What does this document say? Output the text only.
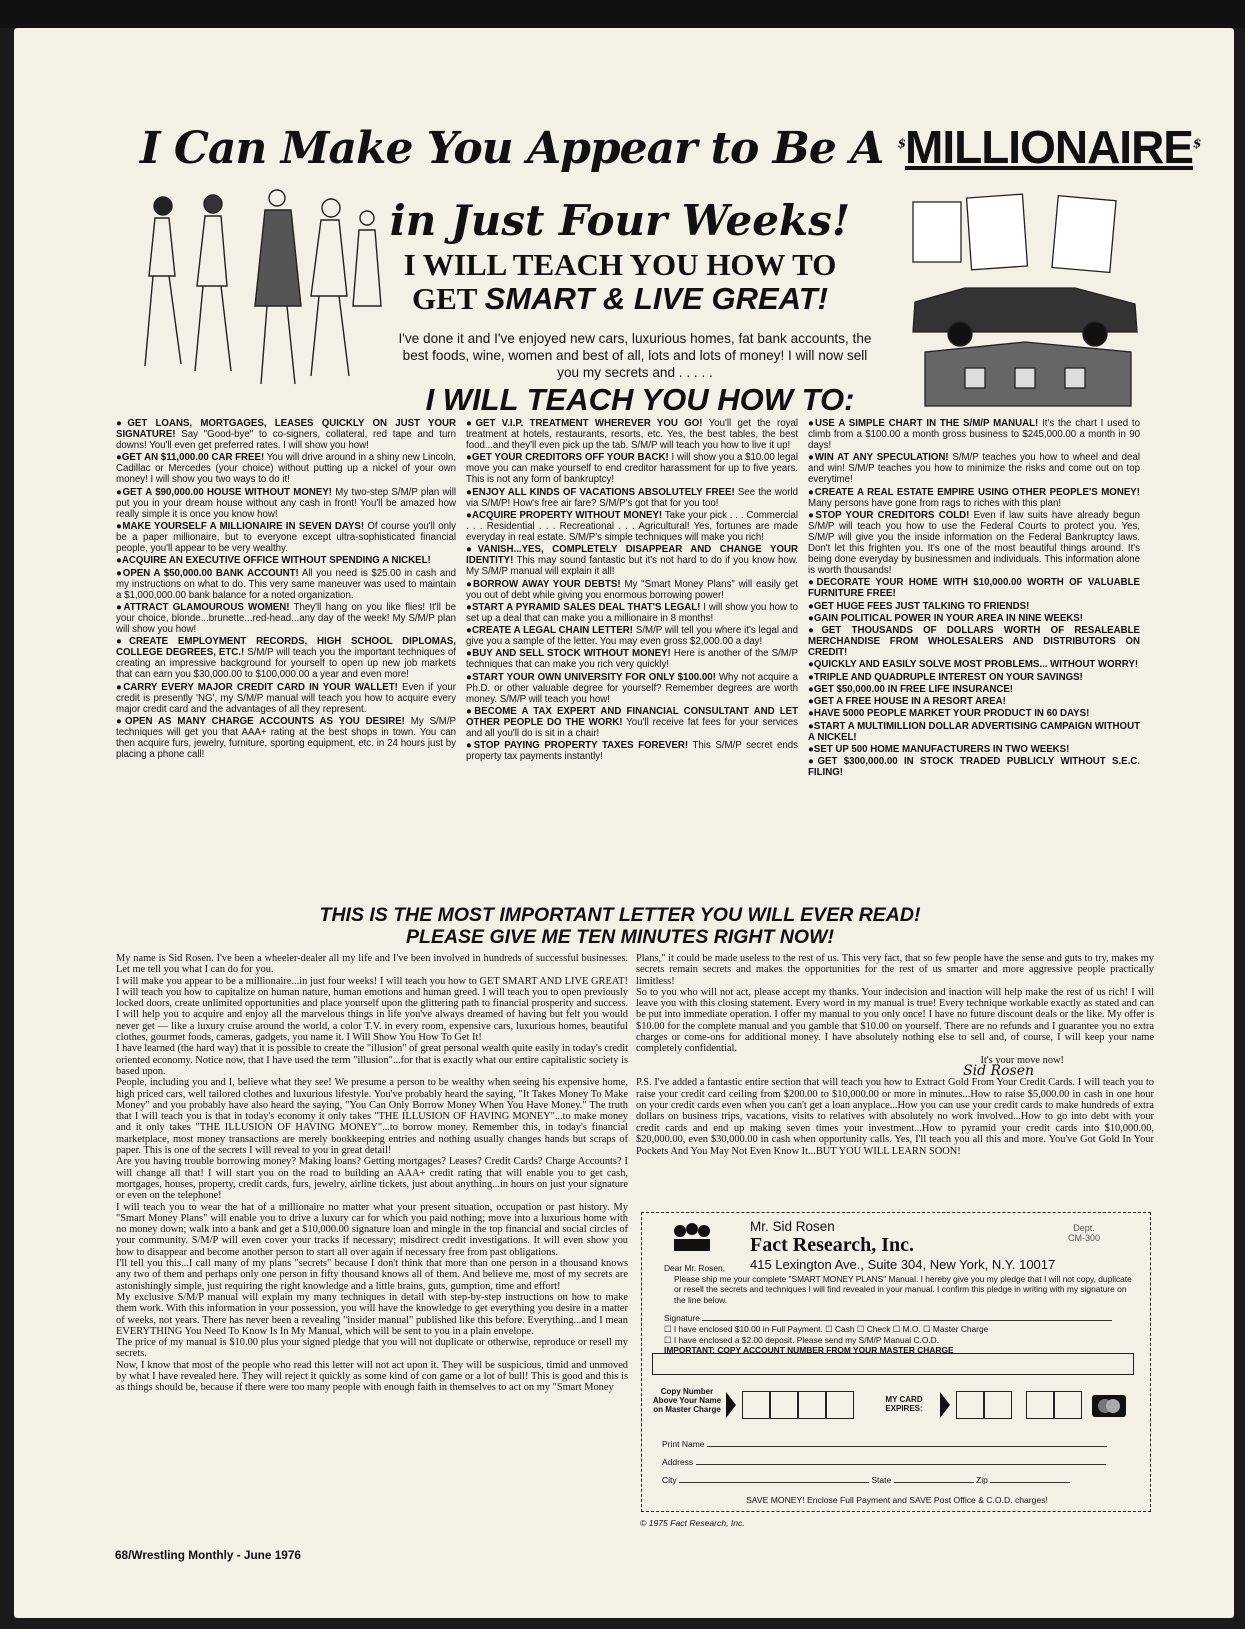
I Can Make You Appear to Be A $MILLIONAIRE$
in Just Four Weeks!
I WILL TEACH YOU HOW TO
GET SMART & LIVE GREAT!
I've done it and I've enjoyed new cars, luxurious homes, fat bank accounts, the best foods, wine, women and best of all, lots and lots of money! I will now sell you my secrets and . . . . .
I WILL TEACH YOU HOW TO:
●GET LOANS, MORTGAGES, LEASES QUICKLY ON JUST YOUR SIGNATURE! Say "Good-bye" to co-signers, collateral, red tape and turn downs! You'll even get preferred rates. I will show you how!
●GET AN $11,000.00 CAR FREE! You will drive around in a shiny new Lincoln, Cadillac or Mercedes (your choice) without putting up a nickel of your own money! I will show you two ways to do it!
●GET A $90,000.00 HOUSE WITHOUT MONEY! My two-step S/M/P plan will put you in your dream house without any cash in front! You'll be amazed how really simple it is once you know how!
●MAKE YOURSELF A MILLIONAIRE IN SEVEN DAYS! Of course you'll only be a paper millionaire, but to everyone except ultra-sophisticated financial people, you'll appear to be very wealthy.
●ACQUIRE AN EXECUTIVE OFFICE WITHOUT SPENDING A NICKEL!
●OPEN A $50,000.00 BANK ACCOUNT! All you need is $25.00 in cash and my instructions on what to do. This very same maneuver was used to maintain a $1,000,000.00 bank balance for a noted organization.
●ATTRACT GLAMOUROUS WOMEN! They'll hang on you like flies! It'll be your choice, blonde...brunette...red-head...any day of the week! My S/M/P plan will show you how!
●CREATE EMPLOYMENT RECORDS, HIGH SCHOOL DIPLOMAS, COLLEGE DEGREES, ETC.! S/M/P will teach you the important techniques of creating an impressive background for yourself to open up new job markets that can earn you $30,000.00 to $100,000.00 a year and even more!
●CARRY EVERY MAJOR CREDIT CARD IN YOUR WALLET! Even if your credit is presently 'NG', my S/M/P manual will teach you how to acquire every major credit card and the advantages of all they represent.
●OPEN AS MANY CHARGE ACCOUNTS AS YOU DESIRE! My S/M/P techniques will get you that AAA+ rating at the best shops in town. You can then acquire furs, jewelry, furniture, sporting equipment, etc. in 24 hours just by placing a phone call!
●GET V.I.P. TREATMENT WHEREVER YOU GO! You'll get the royal treatment at hotels, restaurants, resorts, etc. Yes, the best tables, the best food...and they'll even pick up the tab. S/M/P will teach you how to live it up!
●GET YOUR CREDITORS OFF YOUR BACK! I will show you a $10.00 legal move you can make yourself to end creditor harassment for up to five years. This is not any form of bankruptcy!
●ENJOY ALL KINDS OF VACATIONS ABSOLUTELY FREE! See the world via S/M/P! How's free air fare? S/M/P's got that for you too!
●ACQUIRE PROPERTY WITHOUT MONEY! Take your pick . . . Commercial . . . Residential . . . Recreational . . . Agricultural! Yes, fortunes are made everyday in real estate. S/M/P's simple techniques will make you rich!
●VANISH...YES, COMPLETELY DISAPPEAR AND CHANGE YOUR IDENTITY! This may sound fantastic but it's not hard to do if you know how. My S/M/P manual will explain it all!
●BORROW AWAY YOUR DEBTS! My "Smart Money Plans" will easily get you out of debt while giving you enormous borrowing power!
●START A PYRAMID SALES DEAL THAT'S LEGAL! I will show you how to set up a deal that can make you a millionaire in 8 months!
●CREATE A LEGAL CHAIN LETTER! S/M/P will tell you where it's legal and give you a sample of the letter. You may even gross $2,000.00 a day!
●BUY AND SELL STOCK WITHOUT MONEY! Here is another of the S/M/P techniques that can make you rich very quickly!
●START YOUR OWN UNIVERSITY FOR ONLY $100.00! Why not acquire a Ph.D. or other valuable degree for yourself? Remember degrees are worth money. S/M/P will teach you how!
●BECOME A TAX EXPERT AND FINANCIAL CONSULTANT AND LET OTHER PEOPLE DO THE WORK! You'll receive fat fees for your services and all you'll do is sit in a chair!
●STOP PAYING PROPERTY TAXES FOREVER! This S/M/P secret ends property tax payments instantly!
●USE A SIMPLE CHART IN THE S/M/P MANUAL! It's the chart I used to climb from a $100.00 a month gross business to $245,000.00 a month in 90 days!
●WIN AT ANY SPECULATION! S/M/P teaches you how to wheel and deal and win! S/M/P teaches you how to minimize the risks and come out on top everytime!
●CREATE A REAL ESTATE EMPIRE USING OTHER PEOPLE'S MONEY! Many persons have gone from rags to riches with this plan!
●STOP YOUR CREDITORS COLD! Even if law suits have already begun S/M/P will teach you how to use the Federal Courts to protect you. Yes, S/M/P will give you the inside information on the Federal Bankruptcy laws. Don't let this frighten you. It's one of the most beautiful things around. It's being done everyday by businessmen and individuals. This information alone is worth thousands!
●DECORATE YOUR HOME WITH $10,000.00 WORTH OF VALUABLE FURNITURE FREE!
●GET HUGE FEES JUST TALKING TO FRIENDS!
●GAIN POLITICAL POWER IN YOUR AREA IN NINE WEEKS!
●GET THOUSANDS OF DOLLARS WORTH OF RESALEABLE MERCHANDISE FROM WHOLESALERS AND DISTRIBUTORS ON CREDIT!
●QUICKLY AND EASILY SOLVE MOST PROBLEMS... WITHOUT WORRY!
●TRIPLE AND QUADRUPLE INTEREST ON YOUR SAVINGS!
●GET $50,000.00 IN FREE LIFE INSURANCE!
●GET A FREE HOUSE IN A RESORT AREA!
●HAVE 5000 PEOPLE MARKET YOUR PRODUCT IN 60 DAYS!
●START A MULTIMILLION DOLLAR ADVERTISING CAMPAIGN WITHOUT A NICKEL!
●SET UP 500 HOME MANUFACTURERS IN TWO WEEKS!
●GET $300,000.00 IN STOCK TRADED PUBLICLY WITHOUT S.E.C. FILING!
THIS IS THE MOST IMPORTANT LETTER YOU WILL EVER READ!
PLEASE GIVE ME TEN MINUTES RIGHT NOW!

My name is Sid Rosen. I've been a wheeler-dealer all my life and I've been involved in hundreds of successful businesses. Let me tell you what I can do for you.

I will make you appear to be a millionaire...in just four weeks! I will teach you how to GET SMART AND LIVE GREAT! I will teach you how to capitalize on human nature, human emotions and human greed. I will teach you to open previously locked doors, create unlimited opportunities and place yourself upon the glittering path to financial prosperity and success. I will help you to acquire and enjoy all the marvelous things in life you've always dreamed of having but felt you would never get — like a luxury cruise around the world, a color T.V. in every room, expensive cars, luxurious homes, beautiful clothes, gourmet foods, cameras, gadgets, you name it. I Will Show You How To Get It!

I have learned (the hard way) that it is possible to create the "illusion" of great personal wealth quite easily in today's credit oriented economy. Notice now, that I have used the term "illusion"...for that is exactly what our entire capitalistic society is based upon.

People, including you and I, believe what they see! We presume a person to be wealthy when seeing his expensive home, high priced cars, well tailored clothes and luxurious lifestyle. You've probably heard the saying, "It Takes Money To Make Money" and you probably have also heard the saying, "You Can Only Borrow Money When You Have Money." The truth that I will teach you is that in today's economy it only takes "THE ILLUSION OF HAVING MONEY"...to make money and it only takes "THE ILLUSION OF HAVING MONEY"...to borrow money. Remember this, in today's financial marketplace, most money transactions are merely bookkeeping entries and nothing usually changes hands but scraps of paper. This is one of the secrets I will reveal to you in great detail!

Are you having trouble borrowing money? Making loans? Getting mortgages? Leases? Credit Cards? Charge Accounts? I will change all that! I will start you on the road to building an AAA+ credit rating that will enable you to get cash, mortgages, houses, property, credit cards, furs, jewelry, airline tickets, just about anything...in hours on just your signature or even on the telephone!

I will teach you to wear the hat of a millionaire no matter what your present situation, occupation or past history. My "Smart Money Plans" will enable you to drive a luxury car for which you paid nothing; move into a luxurious home with no money down; walk into a bank and get a $10,000.00 signature loan and mingle in the top financial and social circles of your community. S/M/P will even cover your tracks if necessary; misdirect credit investigations. It will even show you how to disappear and become another person to start all over again if necessary free from past obligations.

I'll tell you this...I call many of my plans "secrets" because I don't think that more than one person in a thousand knows any two of them and perhaps only one person in fifty thousand knows all of them. And believe me, most of my secrets are astonishingly simple, just requiring the right knowledge and a little brains, guts, gumption, time and effort!

My exclusive S/M/P manual will explain my many techniques in detail with step-by-step instructions on how to make them work. With this information in your possession, you will have the knowledge to get everything you desire in a matter of weeks, not years. There has never been a revealing "insider manual" published like this before. Everything...and I mean EVERYTHING You Need To Know Is In My Manual, which will be sent to you in a plain envelope.

The price of my manual is $10.00 plus your signed pledge that you will not duplicate or otherwise, reproduce or resell my secrets.

Now, I know that most of the people who read this letter will not act upon it. They will be suspicious, timid and unmoved by what I have revealed here. They will reject it quickly as some kind of con game or a lot of bull! This is good and this is as things should be, because if there were too many people with enough faith in themselves to act on my "Smart Money

Plans," it could be made useless to the rest of us. This very fact, that so few people have the sense and guts to try, makes my secrets remain secrets and makes the opportunities for the rest of us smarter and more aggressive people practically limitless!

So to you who will not act, please accept my thanks. Your indecision and inaction will help make the rest of us rich! I will leave you with this closing statement. Every word in my manual is true! Every technique workable exactly as stated and can be put into immediate operation. I offer my manual to you only once! I have no future discount deals or the like. My offer is $10.00 for the complete manual and you gamble that $10.00 on yourself. There are no refunds and I guarantee you no extra charges or come-ons for additional money. I have absolutely nothing else to sell and, of course, I will keep your name completely confidential.

It's your move now!

Sid Rosen

P.S. I've added a fantastic entire section that will teach you how to Extract Gold From Your Credit Cards. I will teach you to raise your credit card ceiling from $200.00 to $10,000.00 or more in minutes...How to raise $5,000.00 in cash in one hour on your credit cards even when you can't get a loan anyplace...How you can use your credit cards to make hundreds of extra dollars on business trips, vacations, visits to relatives with absolutely no work involved...How to go into debt with your credit cards and end up making seven times your investment...How to pyramid your credit cards into $10,000.00, $20,000.00, even $30,000.00 in cash when opportunity calls. Yes, I'll teach you all this and more. You've Got Gold In Your Pockets And You May Not Even Know It...BUT YOU WILL LEARN SOON!

Mr. Sid Rosen
Fact Research, Inc.
415 Lexington Ave., Suite 304, New York, N.Y. 10017
Dept.
CM-300
Dear Mr. Rosen,
Please ship me your complete "SMART MONEY PLANS" Manual. I hereby give you my pledge that I will not copy, duplicate or resell the secrets and techniques I will find revealed in your manual. I confirm this pledge in writing with my signature on the line below.
Signature
☐ I have enclosed $10.00 in Full Payment. ☐ Cash ☐ Check ☐ M.O. ☐ Master Charge
☐ I have enclosed a $2.00 deposit. Please send my S/M/P Manual C.O.D.
IMPORTANT: COPY ACCOUNT NUMBER FROM YOUR MASTER CHARGE
Copy Number Above Your Name on Master Charge
MY CARD EXPIRES:
Print Name
Address
City	State	Zip
SAVE MONEY! Enclose Full Payment and SAVE Post Office & C.O.D. charges!
© 1975 Fact Research, Inc.
68/Wrestling Monthly - June 1976
